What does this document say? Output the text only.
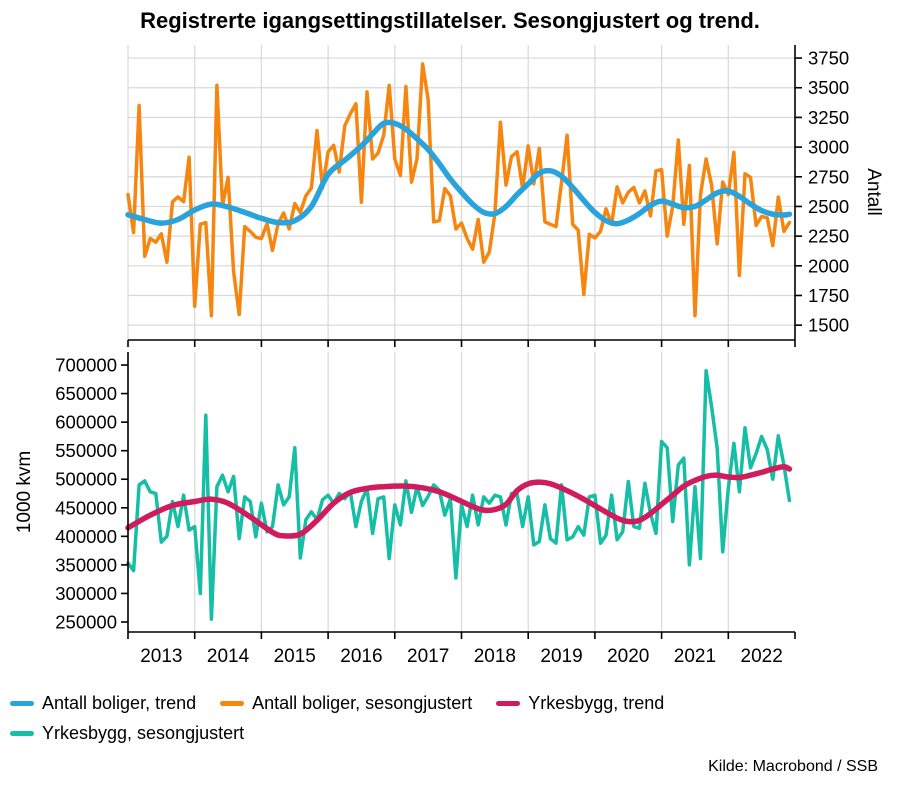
Registrerte igangsettingstillatelser. Sesongjustert og trend.
3750
3500
3250
3000
2750
2500
2250
2000
1750
1500
Antall
700000
650000
600000
550000
500000
450000
400000
350000
300000
250000
2013 2014 2015 2016 2017 2018 2019 2020 2021 2022
1000 kvm
Antall boliger, trend	Antall boliger, sesongjustert	Yrkesbygg, trend
Yrkesbygg, sesongjustert
Kilde: Macrobond / SSB
